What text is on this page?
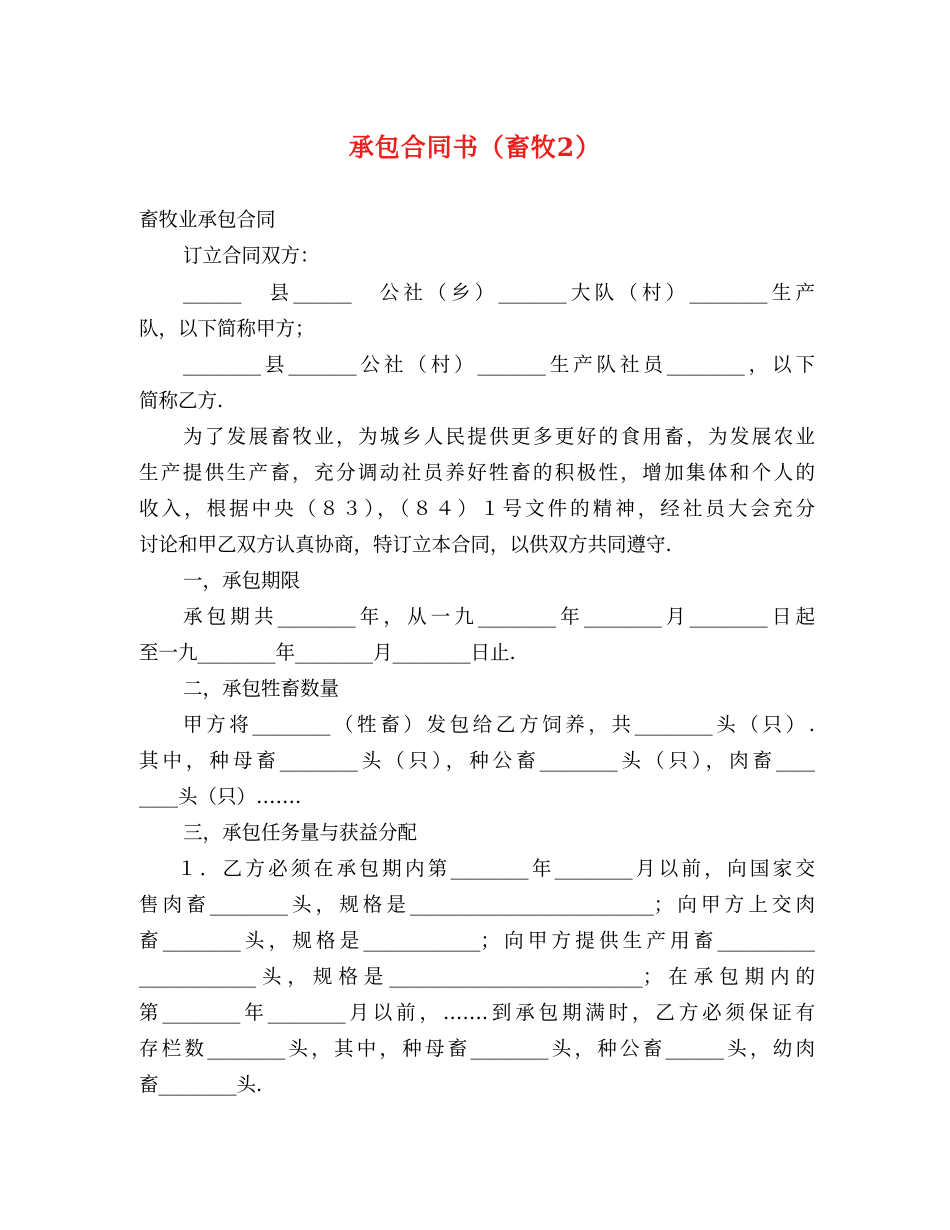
承包合同书（畜牧2）
畜牧业承包合同
订立合同双方：
______　县______　公社（乡）_______大队（村）________生产
队，以下简称甲方；
________县_______公社（村）_______生产队社员________，以下
简称乙方.
为了发展畜牧业，为城乡人民提供更多更好的食用畜，为发展农业
生产提供生产畜，充分调动社员养好牲畜的积极性，增加集体和个人的
收入，根据中央（８３），（８４）１号文件的精神，经社员大会充分
讨论和甲乙双方认真协商，特订立本合同，以供双方共同遵守.
一，承包期限
承包期共________年，从一九________年________月________日起
至一九________年________月________日止.
二，承包牲畜数量
甲方将________（牲畜）发包给乙方饲养，共________头（只）.
其中，种母畜________头（只），种公畜________头（只），肉畜____
____头（只）…….
三，承包任务量与获益分配
１．乙方必须在承包期内第________年________月以前，向国家交
售肉畜________头，规格是_________________________；向甲方上交肉
畜________头，规格是____________；向甲方提供生产用畜__________
____________头，规格是__________________________；在承包期内的
第________年________月以前，…….到承包期满时，乙方必须保证有
存栏数________头，其中，种母畜________头，种公畜______头，幼肉
畜________头.
